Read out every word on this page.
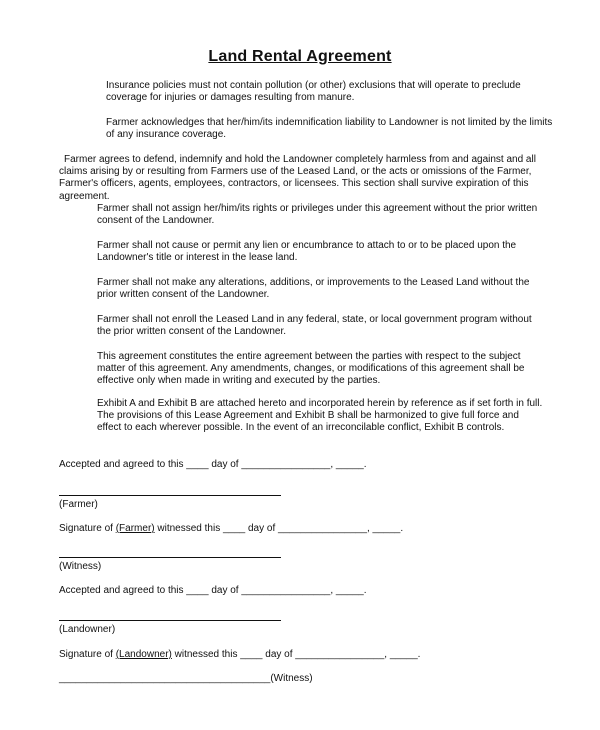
Land Rental Agreement

Insurance policies must not contain pollution (or other) exclusions that will operate to preclude coverage for injuries or damages resulting from manure.

Farmer acknowledges that her/him/its indemnification liability to Landowner is not limited by the limits of any insurance coverage.

Farmer agrees to defend, indemnify and hold the Landowner completely harmless from and against and all claims arising by or resulting from Farmers use of the Leased Land, or the acts or omissions of the Farmer, Farmer's officers, agents, employees, contractors, or licensees. This section shall survive expiration of this agreement.

Farmer shall not assign her/him/its rights or privileges under this agreement without the prior written consent of the Landowner.

Farmer shall not cause or permit any lien or encumbrance to attach to or to be placed upon the Landowner's title or interest in the lease land.

Farmer shall not make any alterations, additions, or improvements to the Leased Land without the prior written consent of the Landowner.

Farmer shall not enroll the Leased Land in any federal, state, or local government program without the prior written consent of the Landowner.

This agreement constitutes the entire agreement between the parties with respect to the subject matter of this agreement. Any amendments, changes, or modifications of this agreement shall be effective only when made in writing and executed by the parties.

Exhibit A and Exhibit B are attached hereto and incorporated herein by reference as if set forth in full. The provisions of this Lease Agreement and Exhibit B shall be harmonized to give full force and effect to each wherever possible. In the event of an irreconcilable conflict, Exhibit B controls.

Accepted and agreed to this ____ day of ________________, _____.
(Farmer)
Signature of (Farmer) witnessed this ____ day of ________________, _____.
(Witness)
Accepted and agreed to this ____ day of ________________, _____.
(Landowner)
Signature of (Landowner) witnessed this ____ day of ________________, _____.
______________________________________(Witness)
